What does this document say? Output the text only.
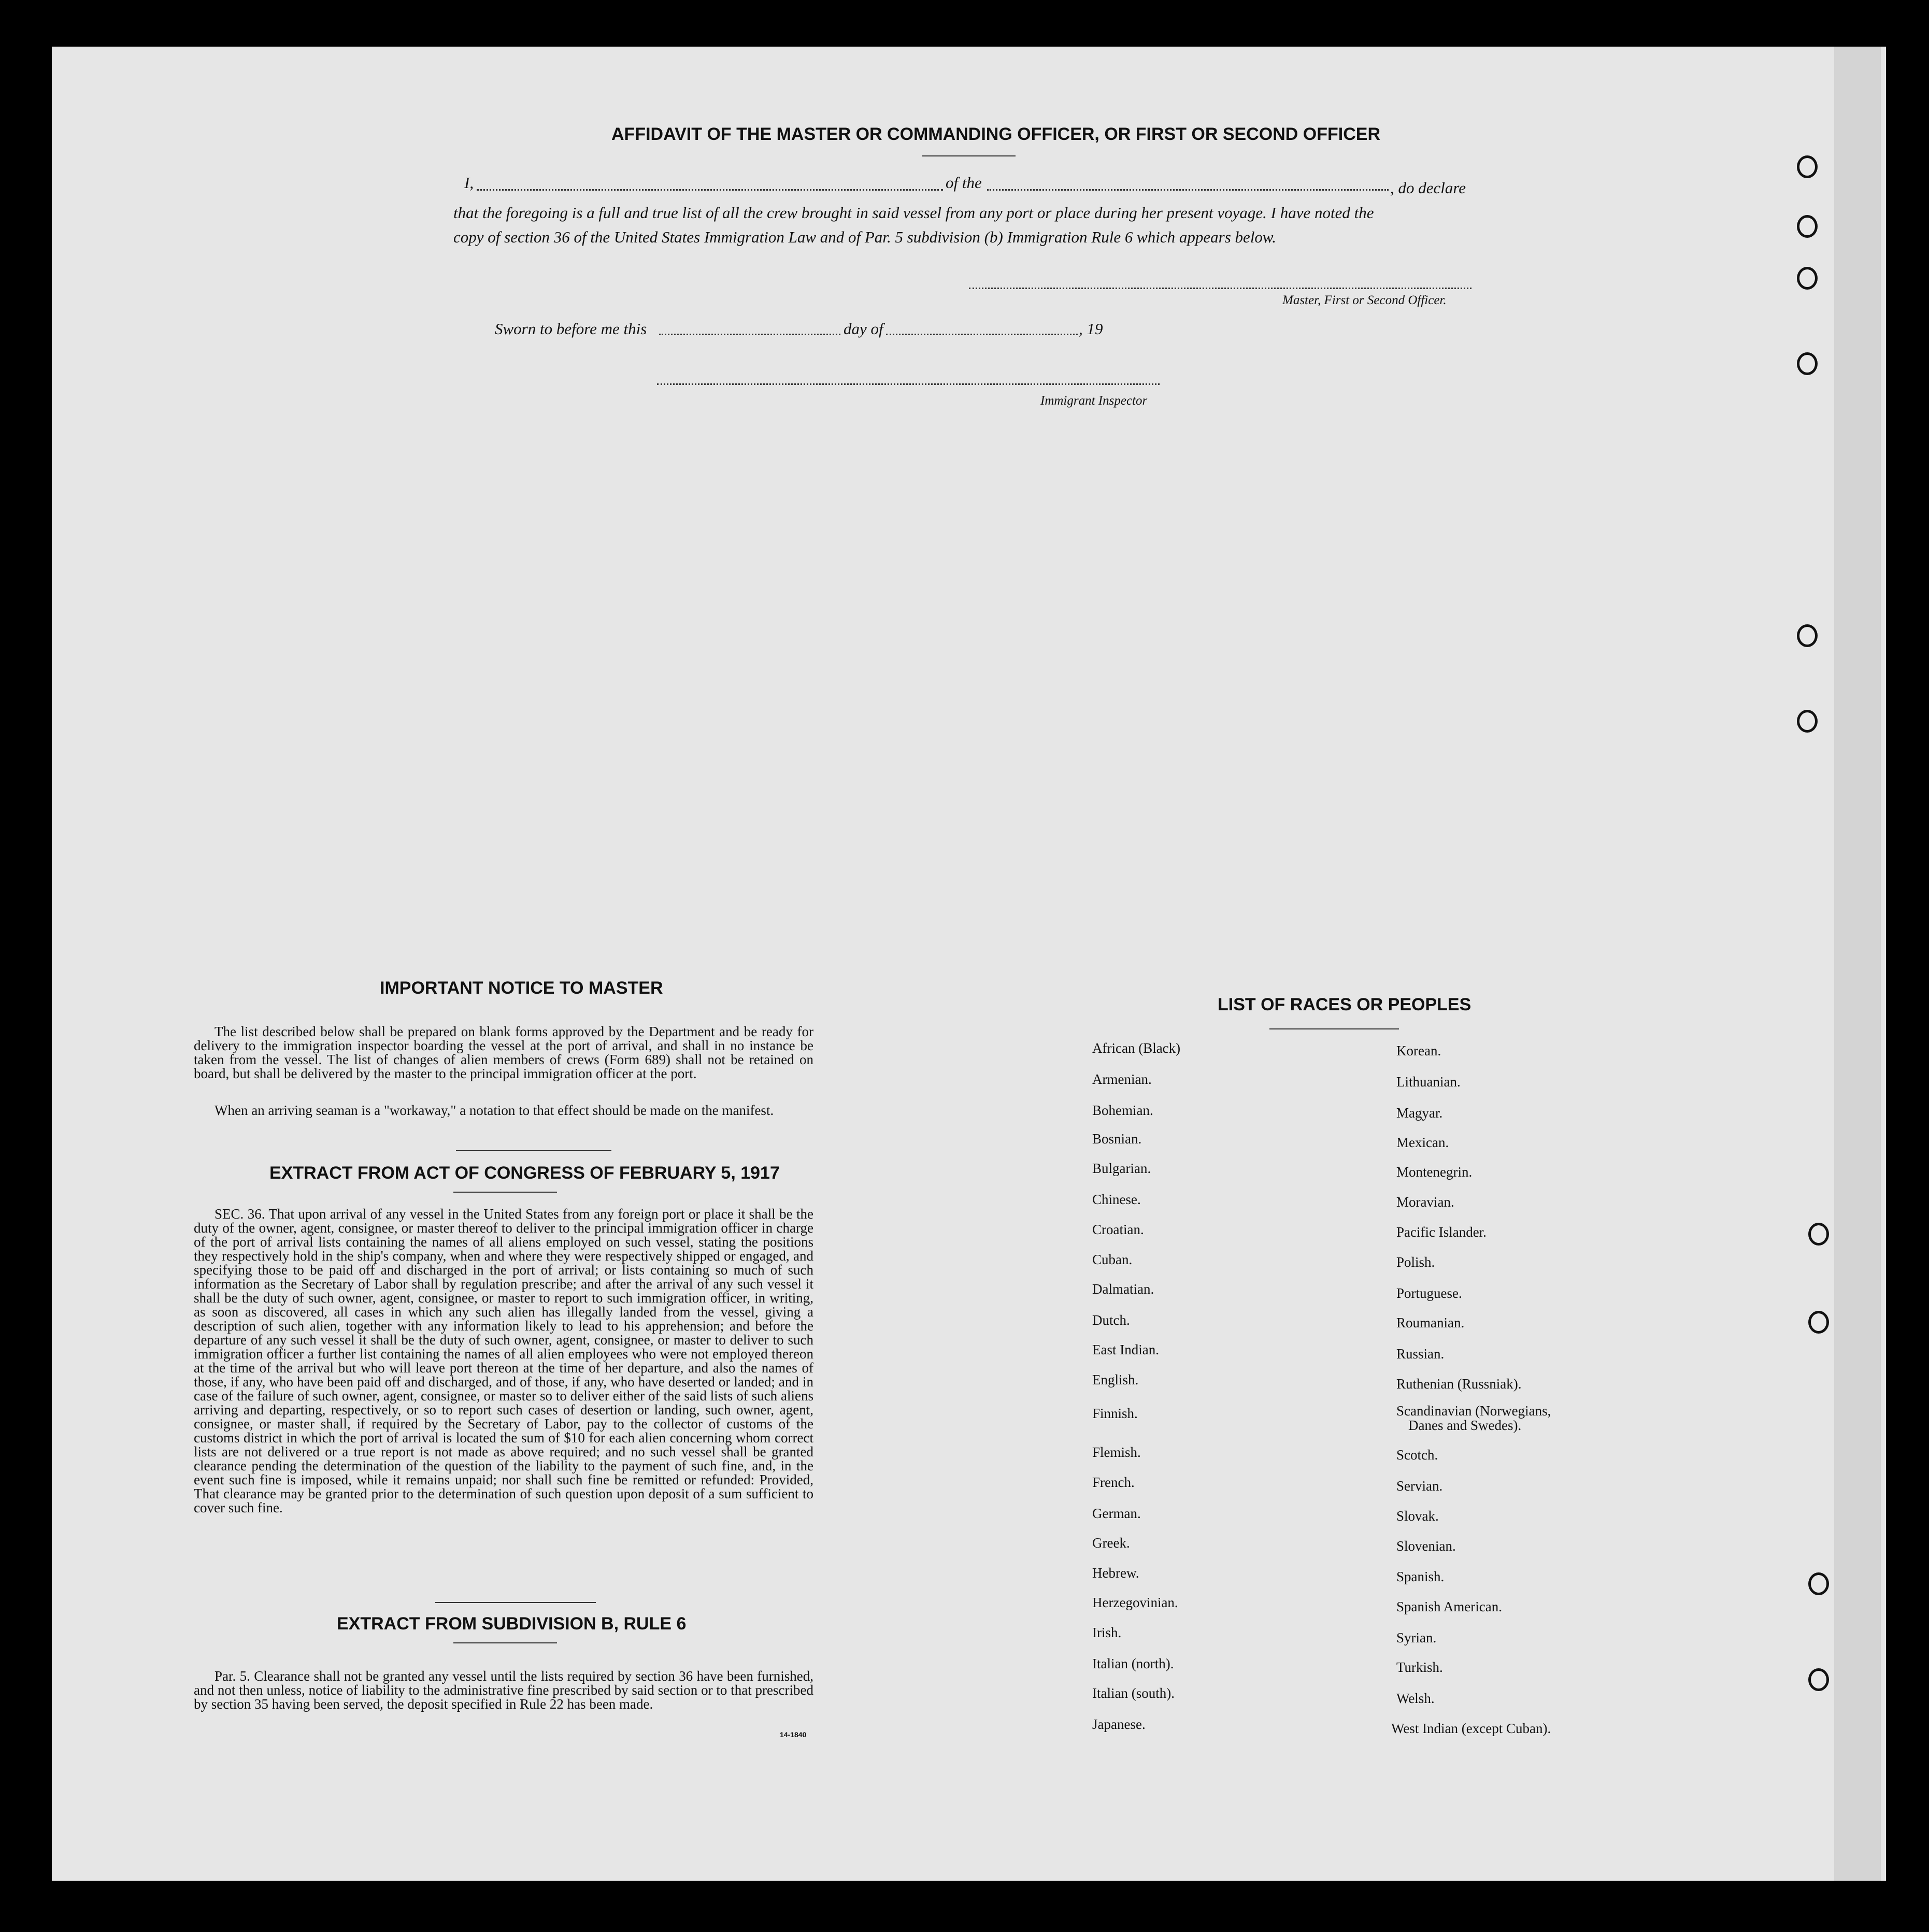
AFFIDAVIT OF THE MASTER OR COMMANDING OFFICER, OR FIRST OR SECOND OFFICER
I,	of the	, do declare
that the foregoing is a full and true list of all the crew brought in said vessel from any port or place during her present voyage. I have noted the
copy of section 36 of the United States Immigration Law and of Par. 5 subdivision (b) Immigration Rule 6 which appears below.
Master, First or Second Officer.
Sworn to before me this	day of	, 19
Immigrant Inspector
IMPORTANT NOTICE TO MASTER
The list described below shall be prepared on blank forms approved by the Department and be ready for delivery to the immigration inspector boarding the vessel at the port of arrival, and shall in no instance be taken from the vessel. The list of changes of alien members of crews (Form 689) shall not be retained on board, but shall be delivered by the master to the principal immigration officer at the port.
When an arriving seaman is a "workaway," a notation to that effect should be made on the manifest.
EXTRACT FROM ACT OF CONGRESS OF FEBRUARY 5, 1917
SEC. 36. That upon arrival of any vessel in the United States from any foreign port or place it shall be the duty of the owner, agent, consignee, or master thereof to deliver to the principal immigration officer in charge of the port of arrival lists containing the names of all aliens employed on such vessel, stating the positions they respectively hold in the ship's company, when and where they were respectively shipped or engaged, and specifying those to be paid off and discharged in the port of arrival; or lists containing so much of such information as the Secretary of Labor shall by regulation prescribe; and after the arrival of any such vessel it shall be the duty of such owner, agent, consignee, or master to report to such immigration officer, in writing, as soon as discovered, all cases in which any such alien has illegally landed from the vessel, giving a description of such alien, together with any information likely to lead to his apprehension; and before the departure of any such vessel it shall be the duty of such owner, agent, consignee, or master to deliver to such immigration officer a further list containing the names of all alien employees who were not employed thereon at the time of the arrival but who will leave port thereon at the time of her departure, and also the names of those, if any, who have been paid off and discharged, and of those, if any, who have deserted or landed; and in case of the failure of such owner, agent, consignee, or master so to deliver either of the said lists of such aliens arriving and departing, respectively, or so to report such cases of desertion or landing, such owner, agent, consignee, or master shall, if required by the Secretary of Labor, pay to the collector of customs of the customs district in which the port of arrival is located the sum of $10 for each alien concerning whom correct lists are not delivered or a true report is not made as above required; and no such vessel shall be granted clearance pending the determination of the question of the liability to the payment of such fine, and, in the event such fine is imposed, while it remains unpaid; nor shall such fine be remitted or refunded: Provided, That clearance may be granted prior to the determination of such question upon deposit of a sum sufficient to cover such fine.
EXTRACT FROM SUBDIVISION B, RULE 6
Par. 5. Clearance shall not be granted any vessel until the lists required by section 36 have been furnished, and not then unless, notice of liability to the administrative fine prescribed by said section or to that prescribed by section 35 having been served, the deposit specified in Rule 22 has been made.
14-1840
LIST OF RACES OR PEOPLES
African (Black)
Armenian.
Bohemian.
Bosnian.
Bulgarian.
Chinese.
Croatian.
Cuban.
Dalmatian.
Dutch.
East Indian.
English.
Finnish.
Flemish.
French.
German.
Greek.
Hebrew.
Herzegovinian.
Irish.
Italian (north).
Italian (south).
Japanese.
Korean.
Lithuanian.
Magyar.
Mexican.
Montenegrin.
Moravian.
Pacific Islander.
Polish.
Portuguese.
Roumanian.
Russian.
Ruthenian (Russniak).
Scandinavian (Norwegians,
Danes and Swedes).
Scotch.
Servian.
Slovak.
Slovenian.
Spanish.
Spanish American.
Syrian.
Turkish.
Welsh.
West Indian (except Cuban).
